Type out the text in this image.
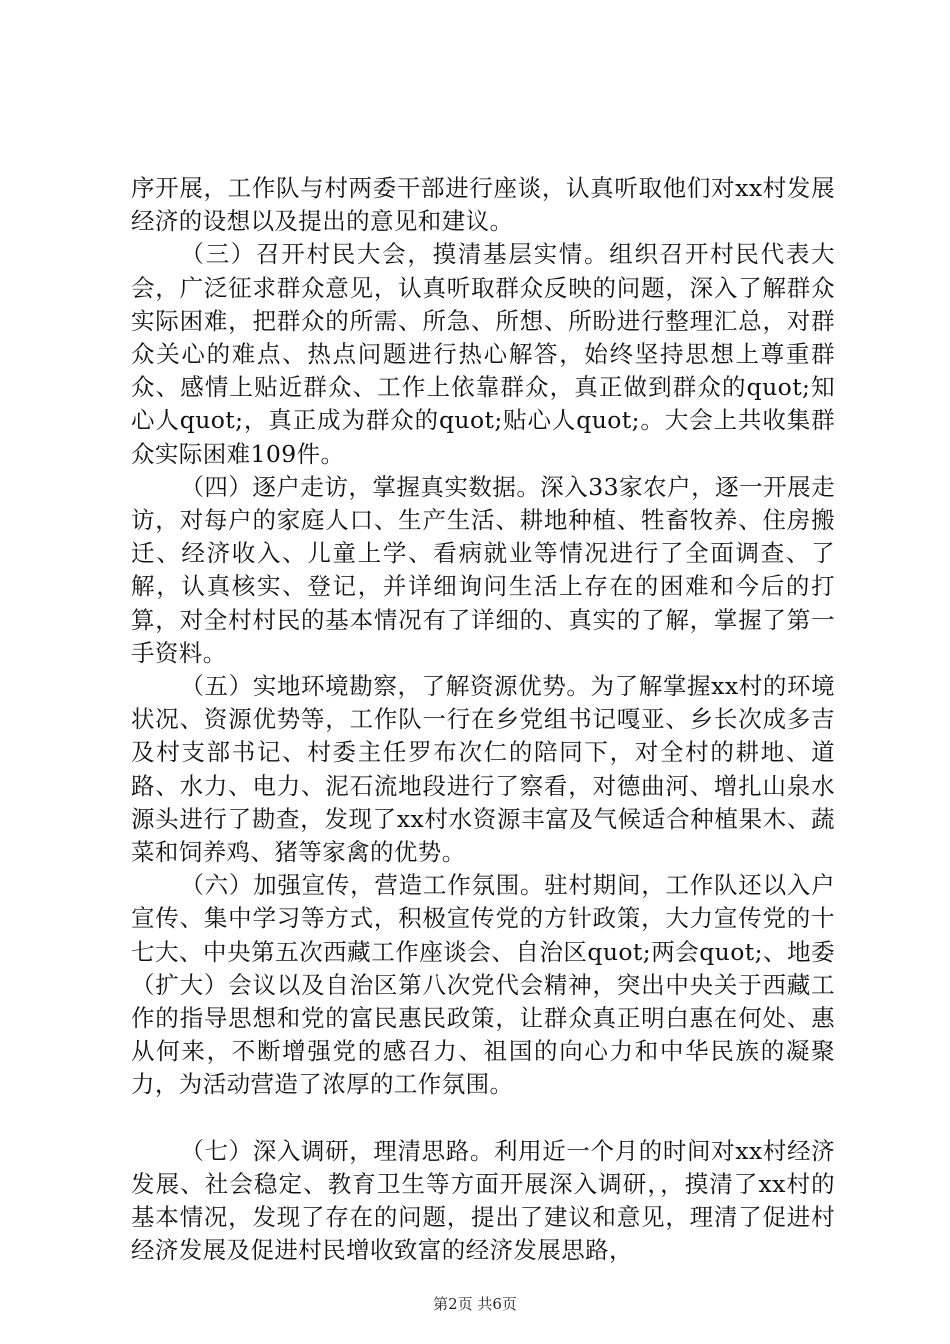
序开展，工作队与村两委干部进行座谈，认真听取他们对xx村发展经济的设想以及提出的意见和建议。

（三）召开村民大会，摸清基层实情。组织召开村民代表大会，广泛征求群众意见，认真听取群众反映的问题，深入了解群众实际困难，把群众的所需、所急、所想、所盼进行整理汇总，对群众关心的难点、热点问题进行热心解答，始终坚持思想上尊重群众、感情上贴近群众、工作上依靠群众，真正做到群众的quot;知心人quot;，真正成为群众的quot;贴心人quot;。大会上共收集群众实际困难109件。

（四）逐户走访，掌握真实数据。深入33家农户，逐一开展走访，对每户的家庭人口、生产生活、耕地种植、牲畜牧养、住房搬迁、经济收入、儿童上学、看病就业等情况进行了全面调查、了解，认真核实、登记，并详细询问生活上存在的困难和今后的打算，对全村村民的基本情况有了详细的、真实的了解，掌握了第一手资料。

（五）实地环境勘察，了解资源优势。为了解掌握xx村的环境状况、资源优势等，工作队一行在乡党组书记嘎亚、乡长次成多吉及村支部书记、村委主任罗布次仁的陪同下，对全村的耕地、道路、水力、电力、泥石流地段进行了察看，对德曲河、增扎山泉水源头进行了勘查，发现了xx村水资源丰富及气候适合种植果木、蔬菜和饲养鸡、猪等家禽的优势。

（六）加强宣传，营造工作氛围。驻村期间，工作队还以入户宣传、集中学习等方式，积极宣传党的方针政策，大力宣传党的十七大、中央第五次西藏工作座谈会、自治区quot;两会quot;、地委（扩大）会议以及自治区第八次党代会精神，突出中央关于西藏工作的指导思想和党的富民惠民政策，让群众真正明白惠在何处、惠从何来，不断增强党的感召力、祖国的向心力和中华民族的凝聚力，为活动营造了浓厚的工作氛围。

（七）深入调研，理清思路。利用近一个月的时间对xx村经济发展、社会稳定、教育卫生等方面开展深入调研，，摸清了xx村的基本情况，发现了存在的问题，提出了建议和意见，理清了促进村经济发展及促进村民增收致富的经济发展思路，

第2页 共6页
